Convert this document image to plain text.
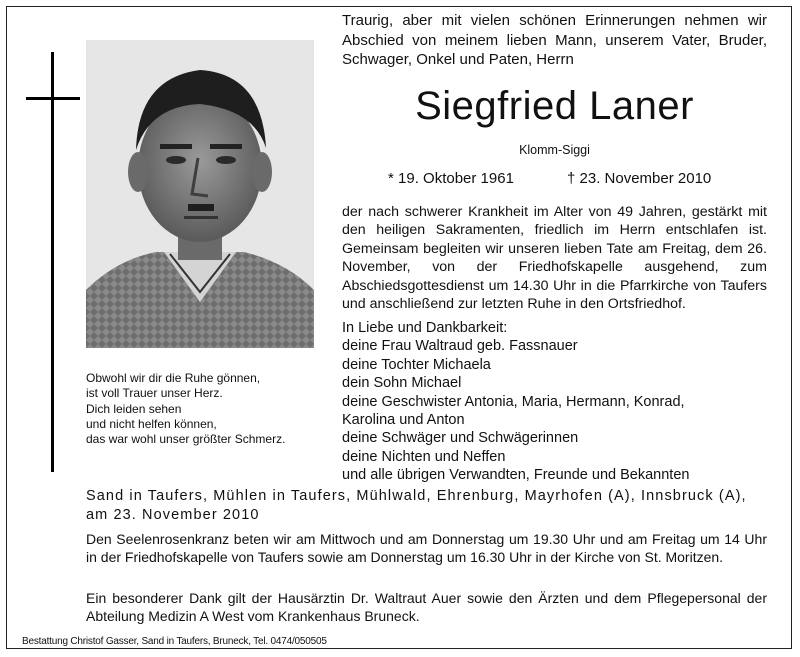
Obwohl wir dir die Ruhe gönnen,
ist voll Trauer unser Herz.
Dich leiden sehen
und nicht helfen können,
das war wohl unser größter Schmerz.
Traurig, aber mit vielen schönen Erinnerungen nehmen wir Abschied von meinem lieben Mann, unserem Vater, Bruder, Schwager, Onkel und Paten, Herrn
Siegfried Laner
Klomm-Siggi
* 19. Oktober 1961	† 23. November 2010
der nach schwerer Krankheit im Alter von 49 Jahren, gestärkt mit den heiligen Sakramenten, friedlich im Herrn entschlafen ist. Gemeinsam begleiten wir unseren lieben Tate am Freitag, dem 26. November, von der Friedhofskapelle ausgehend, zum Abschiedsgottesdienst um 14.30 Uhr in die Pfarrkirche von Taufers und anschließend zur letzten Ruhe in den Ortsfriedhof.
In Liebe und Dankbarkeit:
deine Frau Waltraud geb. Fassnauer
deine Tochter Michaela
dein Sohn Michael
deine Geschwister Antonia, Maria, Hermann, Konrad,
Karolina und Anton
deine Schwäger und Schwägerinnen
deine Nichten und Neffen
und alle übrigen Verwandten, Freunde und Bekannten
Sand in Taufers, Mühlen in Taufers, Mühlwald, Ehrenburg, Mayrhofen (A), Innsbruck (A), am 23. November 2010
Den Seelenrosenkranz beten wir am Mittwoch und am Donnerstag um 19.30 Uhr und am Freitag um 14 Uhr in der Friedhofskapelle von Taufers sowie am Donnerstag um 16.30 Uhr in der Kirche von St. Moritzen.
Ein besonderer Dank gilt der Hausärztin Dr. Waltraut Auer sowie den Ärzten und dem Pflegepersonal der Abteilung Medizin A West vom Krankenhaus Bruneck.
Bestattung Christof Gasser, Sand in Taufers, Bruneck, Tel. 0474/050505
